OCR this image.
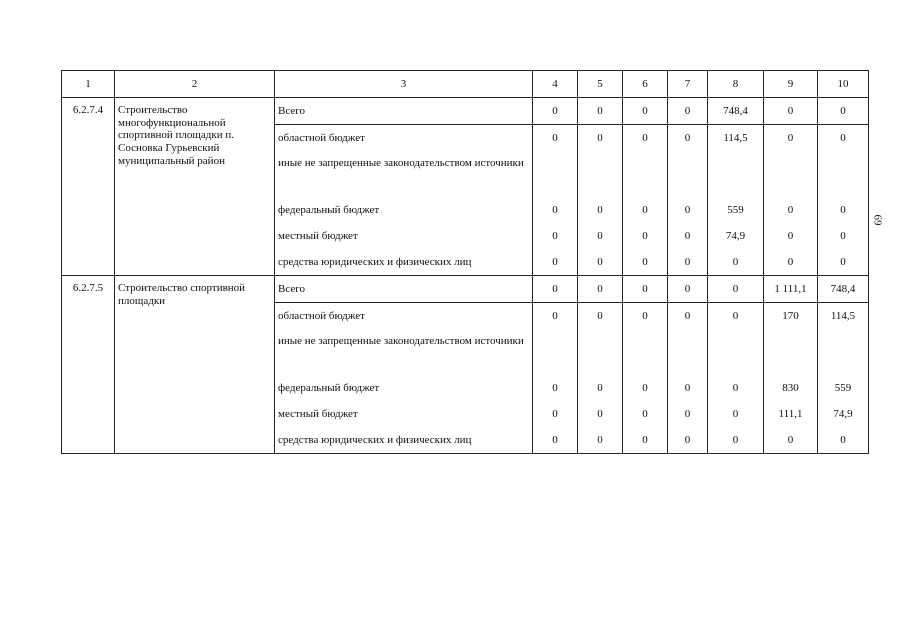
1	2	3	4	5	6	7	8	9	10
6.2.7.4	Строительство многофункциональной спортивной площадки п. Сосновка Гурьевский муниципальный район	Всего	0	0	0	0	748,4	0	0
		областной бюджет	0	0	0	0	114,5	0	0
		иные не запрещенные законодательством источники							
		федеральный бюджет	0	0	0	0	559	0	0
		местный бюджет	0	0	0	0	74,9	0	0
		средства юридических и физических лиц	0	0	0	0	0	0	0
6.2.7.5	Строительство спортивной площадки	Всего	0	0	0	0	0	1 111,1	748,4
		областной бюджет	0	0	0	0	0	170	114,5
		иные не запрещенные законодательством источники							
		федеральный бюджет	0	0	0	0	0	830	559
		местный бюджет	0	0	0	0	0	111,1	74,9
		средства юридических и физических лиц	0	0	0	0	0	0	0
69
